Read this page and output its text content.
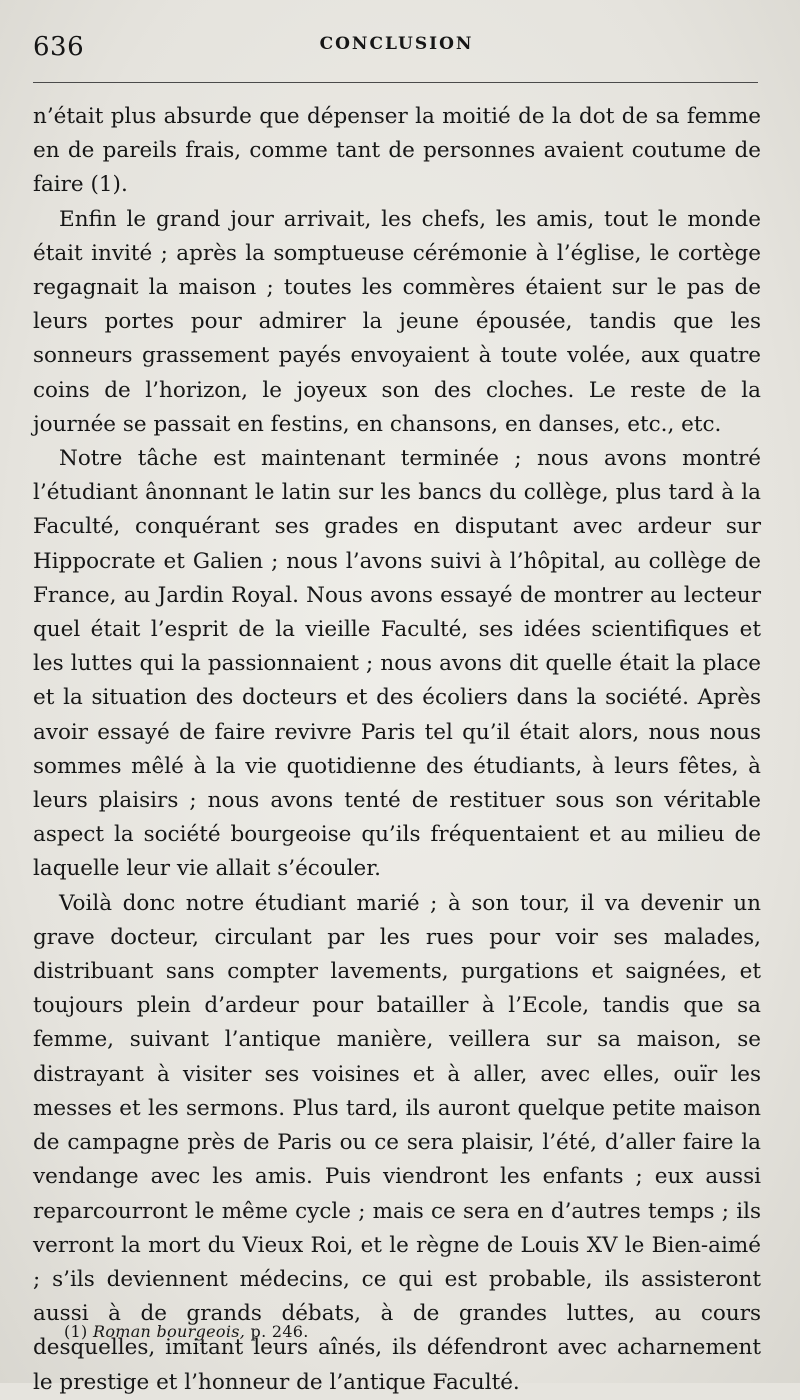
636	CONCLUSION

n’était plus absurde que dépenser la moitié de la dot de sa femme en de pareils frais, comme tant de personnes avaient coutume de faire (1).

Enfin le grand jour arrivait, les chefs, les amis, tout le monde était invité ; après la somptueuse cérémonie à l’église, le cortège regagnait la maison ; toutes les commères étaient sur le pas de leurs portes pour admirer la jeune épousée, tandis que les sonneurs grassement payés envoyaient à toute volée, aux quatre coins de l’horizon, le joyeux son des cloches. Le reste de la journée se passait en festins, en chansons, en danses, etc., etc.

Notre tâche est maintenant terminée ; nous avons montré l’étudiant ânonnant le latin sur les bancs du collège, plus tard à la Faculté, conquérant ses grades en disputant avec ardeur sur Hippocrate et Galien ; nous l’avons suivi à l’hôpital, au collège de France, au Jardin Royal. Nous avons essayé de montrer au lecteur quel était l’esprit de la vieille Faculté, ses idées scientifiques et les luttes qui la passionnaient ; nous avons dit quelle était la place et la situation des docteurs et des écoliers dans la société. Après avoir essayé de faire revivre Paris tel qu’il était alors, nous nous sommes mêlé à la vie quotidienne des étudiants, à leurs fêtes, à leurs plaisirs ; nous avons tenté de restituer sous son véritable aspect la société bourgeoise qu’ils fréquentaient et au milieu de laquelle leur vie allait s’écouler.

Voilà donc notre étudiant marié ; à son tour, il va devenir un grave docteur, circulant par les rues pour voir ses malades, distribuant sans compter lavements, purgations et saignées, et toujours plein d’ardeur pour batailler à l’Ecole, tandis que sa femme, suivant l’antique manière, veillera sur sa maison, se distrayant à visiter ses voisines et à aller, avec elles, ouïr les messes et les sermons. Plus tard, ils auront quelque petite maison de campagne près de Paris ou ce sera plaisir, l’été, d’aller faire la vendange avec les amis. Puis viendront les enfants ; eux aussi reparcourront le même cycle ; mais ce sera en d’autres temps ; ils verront la mort du Vieux Roi, et le règne de Louis XV le Bien-aimé ; s’ils deviennent médecins, ce qui est probable, ils assisteront aussi à de grands débats, à de grandes luttes, au cours desquelles, imitant leurs aînés, ils défendront avec acharnement le prestige et l’honneur de l’antique Faculté.

(1) Roman bourgeois, p. 246.
